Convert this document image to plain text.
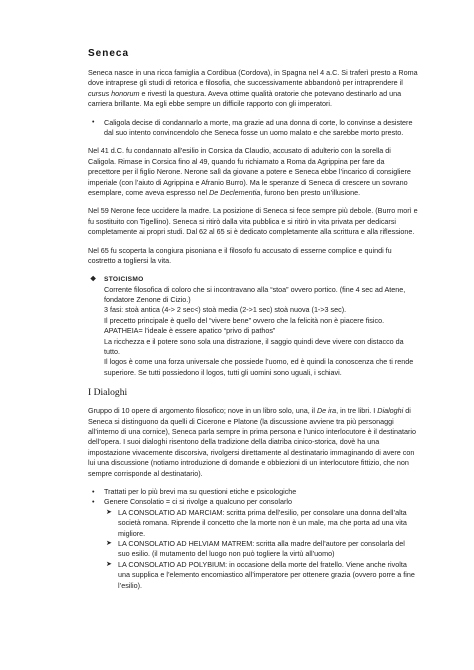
Seneca

Seneca nasce in una ricca famiglia a Cordibua (Cordova), in Spagna nel 4 a.C. Si traferì presto a Roma dove intraprese gli studi di retorica e filosofia, che successivamente abbandonò per intraprendere il cursus honorum e rivestì la questura. Aveva ottime qualità oratorie che potevano destinarlo ad una carriera brillante. Ma egli ebbe sempre un difficile rapporto con gli imperatori.

• Caligola decise di condannarlo a morte, ma grazie ad una donna di corte, lo convinse a desistere dal suo intento convincendolo che Seneca fosse un uomo malato e che sarebbe morto presto.

Nel 41 d.C. fu condannato all’esilio in Corsica da Claudio, accusato di adulterio con la sorella di Caligola. Rimase in Corsica fino al 49, quando fu richiamato a Roma da Agrippina per fare da precettore per il figlio Nerone. Nerone salì da giovane a potere e Seneca ebbe l’incarico di consigliere imperiale (con l’aiuto di Agrippina e Afranio Burro). Ma le speranze di Seneca di crescere un sovrano esemplare, come aveva espresso nel De Declementia, furono ben presto un’illusione.

Nel 59 Nerone fece uccidere la madre. La posizione di Seneca si fece sempre più debole. (Burro morì e fu sostituito con Tigellino). Seneca si ritirò dalla vita pubblica e si ritirò in vita privata per dedicarsi completamente ai propri studi. Dal 62 al 65 si è dedicato completamente alla scrittura e alla riflessione.

Nel 65 fu scoperta la congiura pisoniana e il filosofo fu accusato di esserne complice e quindi fu costretto a togliersi la vita.

❖ STOICISMO
Corrente filosofica di coloro che si incontravano alla “stoa” ovvero portico. (fine 4 sec ad Atene, fondatore Zenone di Cizio.)
3 fasi: stoà antica (4-> 2 sec<) stoà media (2->1 sec) stoà nuova (1->3 sec).
Il precetto principale è quello del “vivere bene” ovvero che la felicità non è piacere fisico.
APATHEIA= l’ideale è essere apatico “privo di pathos”
La ricchezza e il potere sono sola una distrazione, il saggio quindi deve vivere con distacco da tutto.
Il logos è come una forza universale che possiede l’uomo, ed è quindi la conoscenza che ti rende superiore. Se tutti possiedono il logos, tutti gli uomini sono uguali, i schiavi.
I Dialoghi

Gruppo di 10 opere di argomento filosofico; nove in un libro solo, una, il De ira, in tre libri. I Dialoghi di Seneca si distinguono da quelli di Cicerone e Platone (la discussione avviene tra più personaggi all’interno di una cornice), Seneca parla sempre in prima persona e l’unico interlocutore è il destinatario dell’opera. I suoi dialoghi risentono della tradizione della diatriba cinico-storica, dovè ha una impostazione vivacemente discorsiva, rivolgersi direttamente al destinatario immaginando di avere con lui una discussione (notiamo introduzione di domande e obbiezioni di un interlocutore fittizio, che non sempre corrisponde al destinatario).

• Trattati per lo più brevi ma su questioni etiche e psicologiche
• Genere Consolatio = ci si rivolge a qualcuno per consolarlo
➤ LA CONSOLATIO AD MARCIAM: scritta prima dell’esilio, per consolare una donna dell’alta società romana. Riprende il concetto che la morte non è un male, ma che porta ad una vita migliore.
➤ LA CONSOLATIO AD HELVIAM MATREM: scritta alla madre dell’autore per consolarla del suo esilio. (il mutamento del luogo non può togliere la virtù all’uomo)
➤ LA CONSOLATIO AD POLYBIUM: in occasione della morte del fratello. Viene anche rivolta una supplica e l’elemento encomiastico all’imperatore per ottenere grazia (ovvero porre a fine l’esilio).
